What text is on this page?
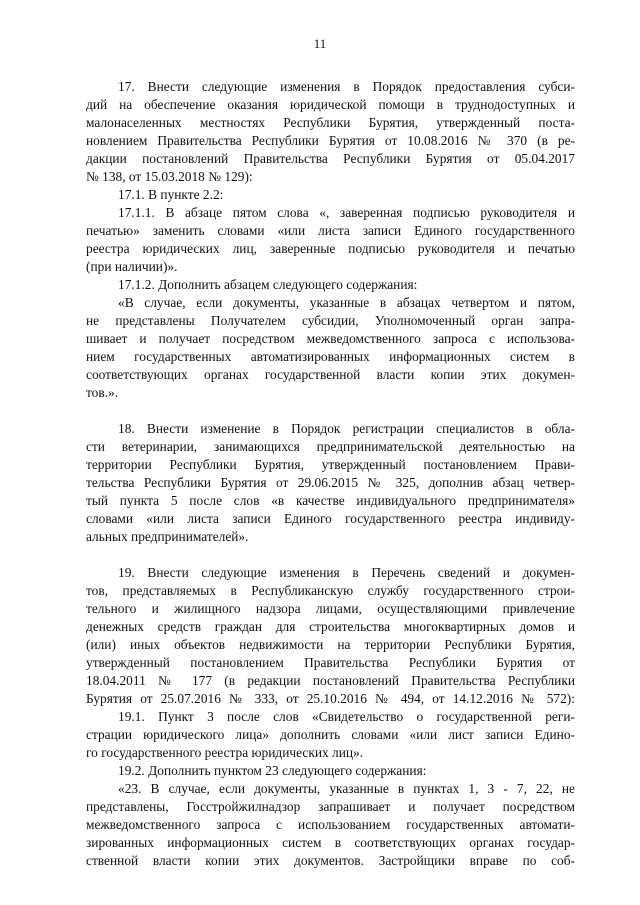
11
17. Внести следующие изменения в Порядок предоставления субси-
дий на обеспечение оказания юридической помощи в труднодоступных и
малонаселенных местностях Республики Бурятия, утвержденный поста-
новлением Правительства Республики Бурятия от 10.08.2016 № 370 (в ре-
дакции постановлений Правительства Республики Бурятия от 05.04.2017
№ 138, от 15.03.2018 № 129):
17.1. В пункте 2.2:
17.1.1. В абзаце пятом слова «, заверенная подписью руководителя и
печатью» заменить словами «или листа записи Единого государственного
реестра юридических лиц, заверенные подписью руководителя и печатью
(при наличии)».
17.1.2. Дополнить абзацем следующего содержания:
«В случае, если документы, указанные в абзацах четвертом и пятом,
не представлены Получателем субсидии, Уполномоченный орган запра-
шивает и получает посредством межведомственного запроса с использова-
нием государственных автоматизированных информационных систем в
соответствующих органах государственной власти копии этих докумен-
тов.».
18. Внести изменение в Порядок регистрации специалистов в обла-
сти ветеринарии, занимающихся предпринимательской деятельностью на
территории Республики Бурятия, утвержденный постановлением Прави-
тельства Республики Бурятия от 29.06.2015 № 325, дополнив абзац четвер-
тый пункта 5 после слов «в качестве индивидуального предпринимателя»
словами «или листа записи Единого государственного реестра индивиду-
альных предпринимателей».
19. Внести следующие изменения в Перечень сведений и докумен-
тов, представляемых в Республиканскую службу государственного строи-
тельного и жилищного надзора лицами, осуществляющими привлечение
денежных средств граждан для строительства многоквартирных домов и
(или) иных объектов недвижимости на территории Республики Бурятия,
утвержденный постановлением Правительства Республики Бурятия от
18.04.2011 № 177 (в редакции постановлений Правительства Республики
Бурятия от 25.07.2016 № 333, от 25.10.2016 № 494, от 14.12.2016 № 572):
19.1. Пункт 3 после слов «Свидетельство о государственной реги-
страции юридического лица» дополнить словами «или лист записи Едино-
го государственного реестра юридических лиц».
19.2. Дополнить пунктом 23 следующего содержания:
«23. В случае, если документы, указанные в пунктах 1, 3 - 7, 22, не
представлены, Госстройжилнадзор запрашивает и получает посредством
межведомственного запроса с использованием государственных автомати-
зированных информационных систем в соответствующих органах государ-
ственной власти копии этих документов. Застройщики вправе по соб-
